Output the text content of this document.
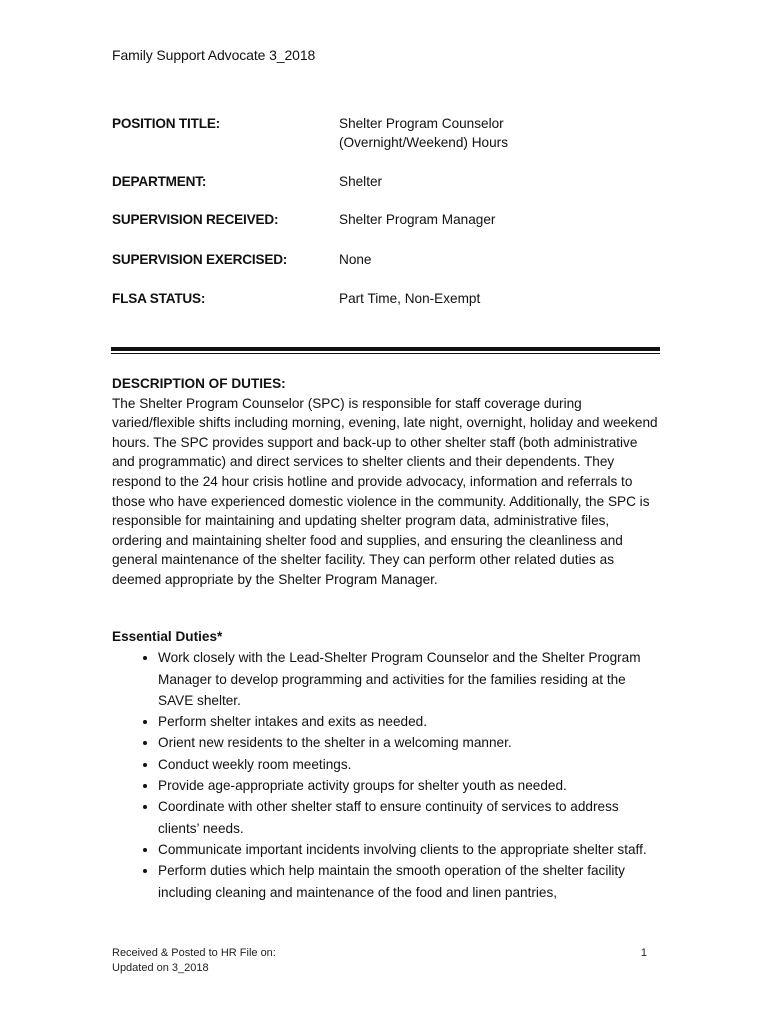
Family Support Advocate 3_2018
POSITION TITLE:	Shelter Program Counselor
(Overnight/Weekend) Hours
DEPARTMENT:	Shelter
SUPERVISION RECEIVED:	Shelter Program Manager
SUPERVISION EXERCISED:	None
FLSA STATUS:	Part Time, Non-Exempt
DESCRIPTION OF DUTIES:

The Shelter Program Counselor (SPC) is responsible for staff coverage during varied/flexible shifts including morning, evening, late night, overnight, holiday and weekend hours. The SPC provides support and back-up to other shelter staff (both administrative and programmatic) and direct services to shelter clients and their dependents. They respond to the 24 hour crisis hotline and provide advocacy, information and referrals to those who have experienced domestic violence in the community. Additionally, the SPC is responsible for maintaining and updating shelter program data, administrative files, ordering and maintaining shelter food and supplies, and ensuring the cleanliness and general maintenance of the shelter facility. They can perform other related duties as deemed appropriate by the Shelter Program Manager.

Essential Duties*
• Work closely with the Lead-Shelter Program Counselor and the Shelter Program Manager to develop programming and activities for the families residing at the SAVE shelter.
• Perform shelter intakes and exits as needed.
• Orient new residents to the shelter in a welcoming manner.
• Conduct weekly room meetings.
• Provide age-appropriate activity groups for shelter youth as needed.
• Coordinate with other shelter staff to ensure continuity of services to address clients’ needs.
• Communicate important incidents involving clients to the appropriate shelter staff.
• Perform duties which help maintain the smooth operation of the shelter facility including cleaning and maintenance of the food and linen pantries,
Received & Posted to HR File on:
Updated on 3_2018
1
